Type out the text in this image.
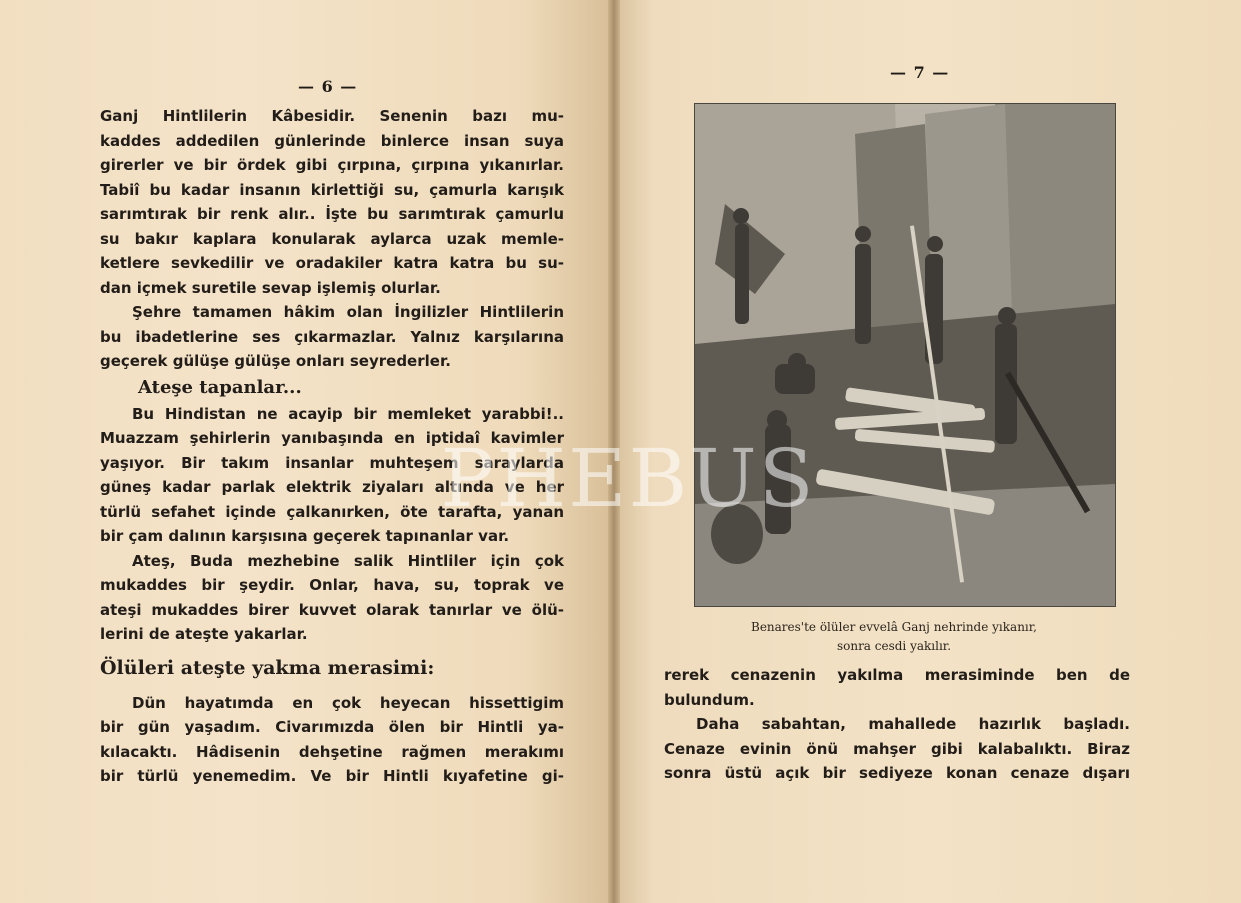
— 6 —
— 7 —
Ganj Hintlilerin Kâbesidir. Senenin bazı mu-
kaddes addedilen günlerinde binlerce insan suya
girerler ve bir ördek gibi çırpına, çırpına yıkanırlar.
Tabiî bu kadar insanın kirlettiği su, çamurla karışık
sarımtırak bir renk alır.. İşte bu sarımtırak çamurlu
su bakır kaplara konularak aylarca uzak memle-
ketlere sevkedilir ve oradakiler katra katra bu su-
dan içmek suretile sevap işlemiş olurlar.
Şehre tamamen hâkim olan İngilizler Hintlilerin
bu ibadetlerine ses çıkarmazlar. Yalnız karşılarına
geçerek gülüşe gülüşe onları seyrederler.
Ateşe tapanlar...
Bu Hindistan ne acayip bir memleket yarabbi!..
Muazzam şehirlerin yanıbaşında en iptidaî kavimler
yaşıyor. Bir takım insanlar muhteşem saraylarda
güneş kadar parlak elektrik ziyaları altında ve her
türlü sefahet içinde çalkanırken, öte tarafta, yanan
bir çam dalının karşısına geçerek tapınanlar var.
Ateş, Buda mezhebine salik Hintliler için çok
mukaddes bir şeydir. Onlar, hava, su, toprak ve
ateşi mukaddes birer kuvvet olarak tanırlar ve ölü-
lerini de ateşte yakarlar.
Ölüleri ateşte yakma merasimi:
Dün hayatımda en çok heyecan hissettigim
bir gün yaşadım. Civarımızda ölen bir Hintli ya-
kılacaktı. Hâdisenin dehşetine rağmen merakımı
bir türlü yenemedim. Ve bir Hintli kıyafetine gi-
Benares'te ölüler evvelâ Ganj nehrinde yıkanır,
sonra cesdi yakılır.
rerek cenazenin yakılma merasiminde ben de
bulundum.
Daha sabahtan, mahallede hazırlık başladı.
Cenaze evinin önü mahşer gibi kalabalıktı. Biraz
sonra üstü açık bir sediyeze konan cenaze dışarı
PHEBUS
